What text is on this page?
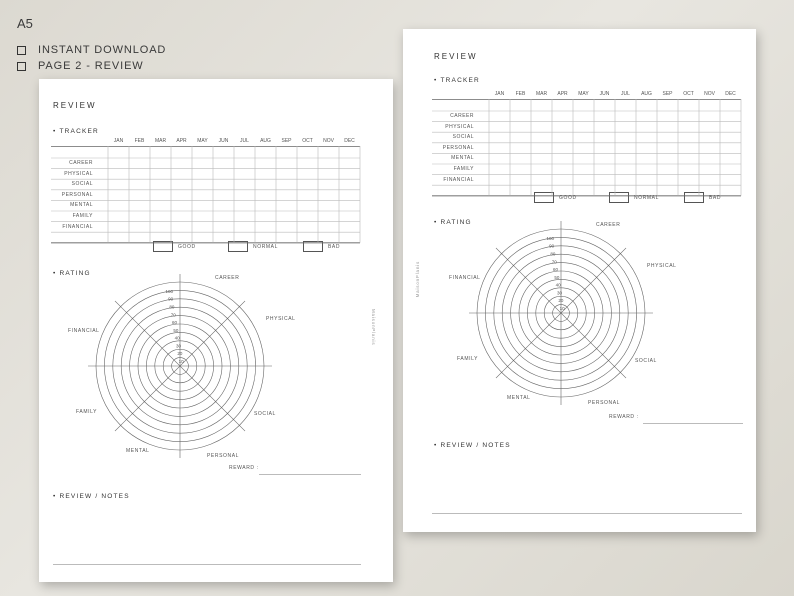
A5
INSTANT DOWNLOAD
PAGE 2 - REVIEW
REVIEW
• TRACKER
GOOD	NORMAL	BAD
• RATING
REWARD :
• REVIEW / NOTES
MaisonPlanis
JAN	FEB	MAR	APR	MAY	JUN	JUL	AUG	SEP	OCT	NOV	DEC
CAREER
PHYSICAL
SOCIAL
PERSONAL
MENTAL
FAMILY
FINANCIAL
100
90
80
70
60
50
40
30
20
10
CAREER
PHYSICAL
SOCIAL
PERSONAL
MENTAL
FAMILY
FINANCIAL
REVIEW
• TRACKER
GOOD	NORMAL	BAD
• RATING
REWARD :
• REVIEW / NOTES
MaisonPlanis
JAN	FEB	MAR	APR	MAY	JUN	JUL	AUG	SEP	OCT	NOV	DEC
CAREER
PHYSICAL
SOCIAL
PERSONAL
MENTAL
FAMILY
FINANCIAL
100
90
80
70
60
50
40
30
20
10
CAREER
PHYSICAL
SOCIAL
PERSONAL
MENTAL
FAMILY
FINANCIAL
